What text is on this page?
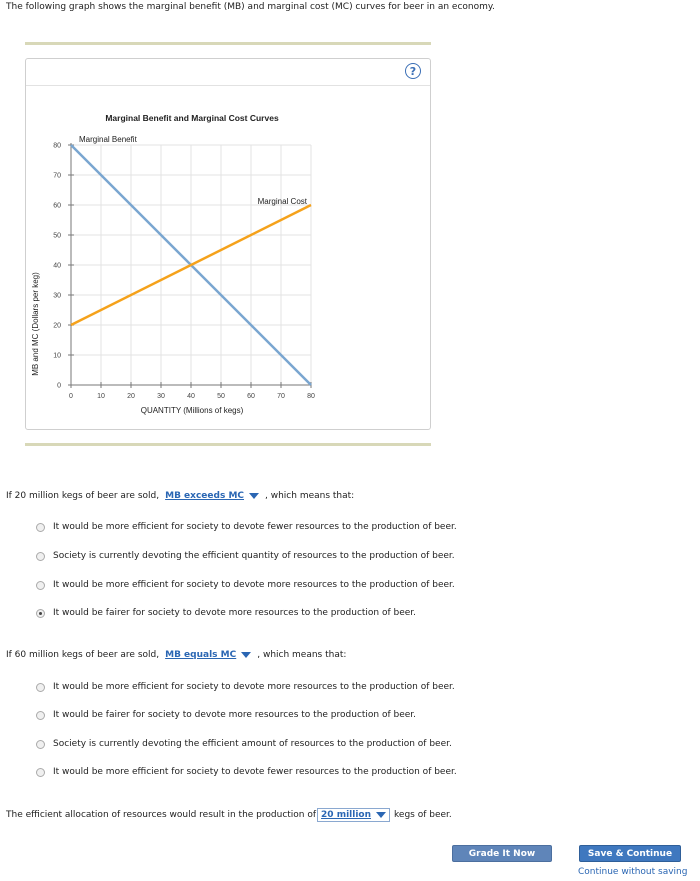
The following graph shows the marginal benefit (MB) and marginal cost (MC) curves for beer in an economy.
?
Marginal Benefit and Marginal Cost Curves
MB and MC (Dollars per keg)
QUANTITY (Millions of kegs)
0	10	20	30	40	50	60	70	80
0
10
20
30
40
50
60
70
80
Marginal Benefit
Marginal Cost
If 20 million kegs of beer are sold, MB exceeds MC , which means that:
It would be more efficient for society to devote fewer resources to the production of beer.
Society is currently devoting the efficient quantity of resources to the production of beer.
It would be more efficient for society to devote more resources to the production of beer.
It would be fairer for society to devote more resources to the production of beer.
If 60 million kegs of beer are sold, MB equals MC , which means that:
It would be more efficient for society to devote more resources to the production of beer.
It would be fairer for society to devote more resources to the production of beer.
Society is currently devoting the efficient amount of resources to the production of beer.
It would be more efficient for society to devote fewer resources to the production of beer.
The efficient allocation of resources would result in the production of 20 million	kegs of beer.
Grade It Now	Save & Continue
Continue without saving
